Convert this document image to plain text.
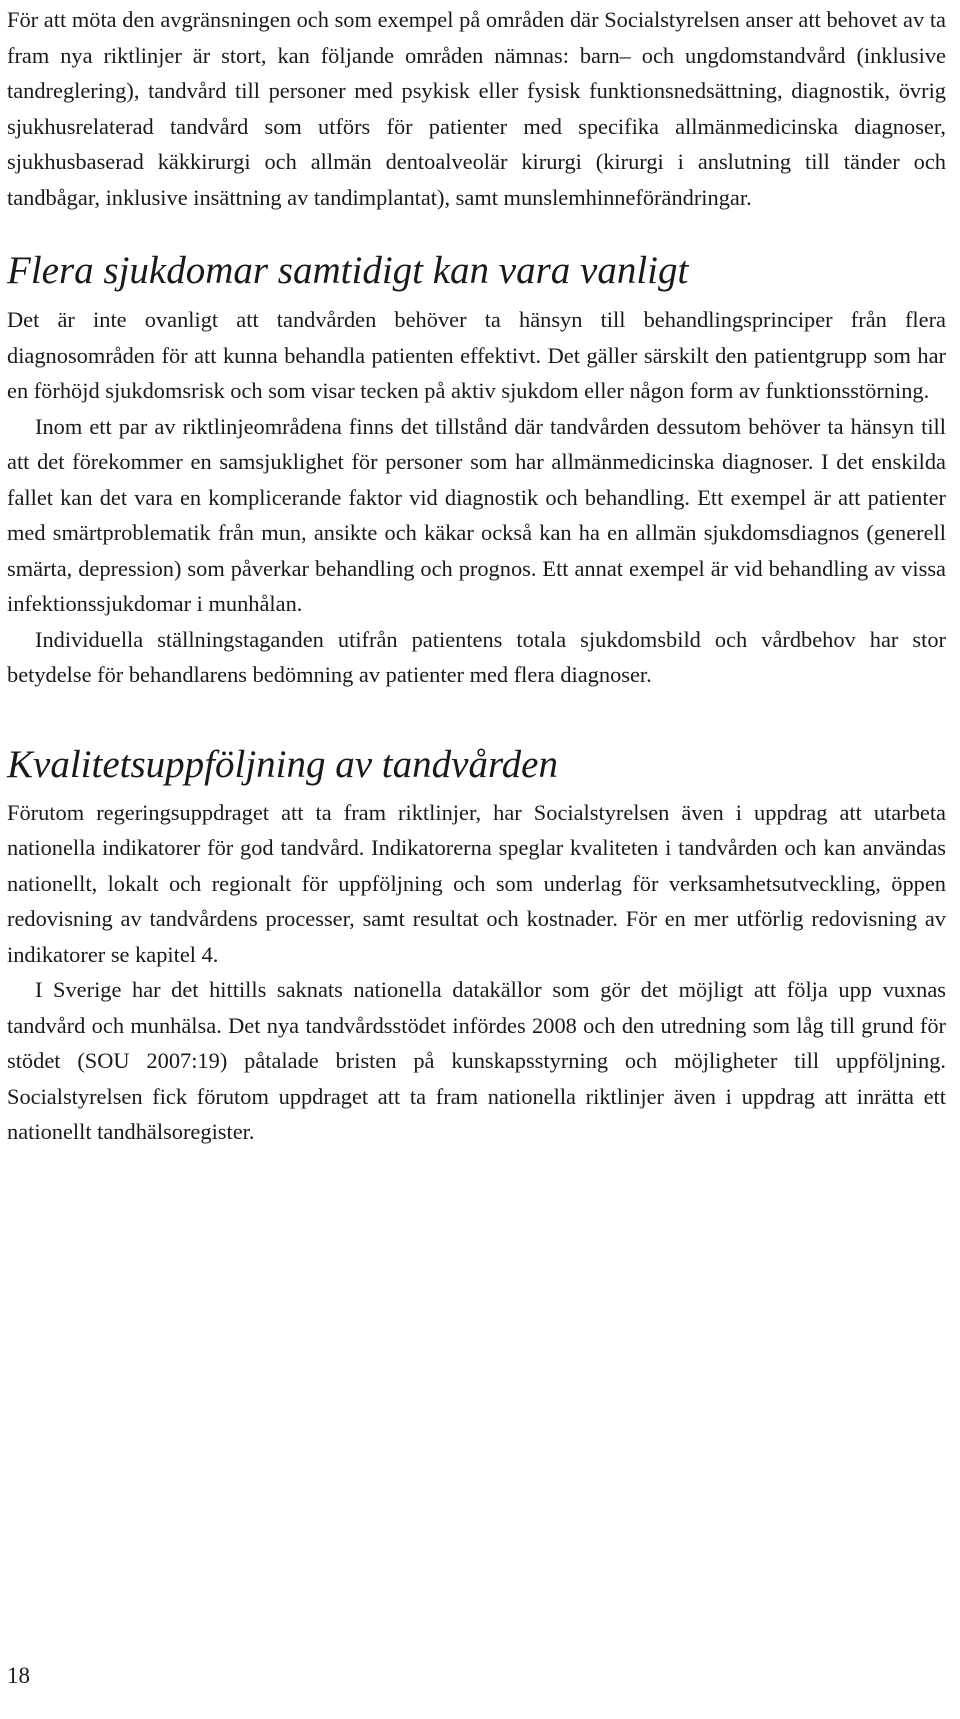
För att möta den avgränsningen och som exempel på områden där Socialstyrelsen anser att behovet av ta fram nya riktlinjer är stort, kan följande områden nämnas: barn– och ungdomstandvård (inklusive tandreglering), tandvård till personer med psykisk eller fysisk funktionsnedsättning, diagnostik, övrig sjukhusrelaterad tandvård som utförs för patienter med specifika allmänmedicinska diagnoser, sjukhusbaserad käkkirurgi och allmän dentoalveolär kirurgi (kirurgi i anslutning till tänder och tandbågar, inklusive insättning av tandimplantat), samt munslemhinneförändringar.

Flera sjukdomar samtidigt kan vara vanligt

Det är inte ovanligt att tandvården behöver ta hänsyn till behandlingsprinciper från flera diagnosområden för att kunna behandla patienten effektivt. Det gäller särskilt den patientgrupp som har en förhöjd sjukdomsrisk och som visar tecken på aktiv sjukdom eller någon form av funktionsstörning.

Inom ett par av riktlinjeområdena finns det tillstånd där tandvården dessutom behöver ta hänsyn till att det förekommer en samsjuklighet för personer som har allmänmedicinska diagnoser. I det enskilda fallet kan det vara en komplicerande faktor vid diagnostik och behandling. Ett exempel är att patienter med smärtproblematik från mun, ansikte och käkar också kan ha en allmän sjukdomsdiagnos (generell smärta, depression) som påverkar behandling och prognos. Ett annat exempel är vid behandling av vissa infektionssjukdomar i munhålan.

Individuella ställningstaganden utifrån patientens totala sjukdomsbild och vårdbehov har stor betydelse för behandlarens bedömning av patienter med flera diagnoser.

Kvalitetsuppföljning av tandvården

Förutom regeringsuppdraget att ta fram riktlinjer, har Socialstyrelsen även i uppdrag att utarbeta nationella indikatorer för god tandvård. Indikatorerna speglar kvaliteten i tandvården och kan användas nationellt, lokalt och regionalt för uppföljning och som underlag för verksamhetsutveckling, öppen redovisning av tandvårdens processer, samt resultat och kostnader. För en mer utförlig redovisning av indikatorer se kapitel 4.

I Sverige har det hittills saknats nationella datakällor som gör det möjligt att följa upp vuxnas tandvård och munhälsa. Det nya tandvårdsstödet infördes 2008 och den utredning som låg till grund för stödet (SOU 2007:19) påtalade bristen på kunskapsstyrning och möjligheter till uppföljning. Socialstyrelsen fick förutom uppdraget att ta fram nationella riktlinjer även i uppdrag att inrätta ett nationellt tandhälsoregister.

18
